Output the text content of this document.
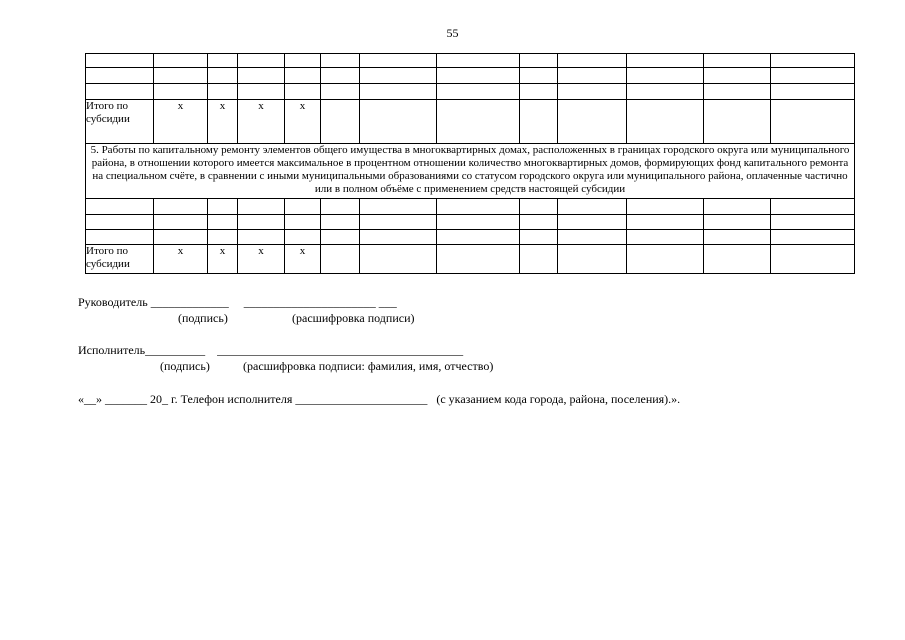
55

Итого по субсидии	x	x	x	x								
5. Работы по капитальному ремонту элементов общего имущества в многоквартирных домах, расположенных в границах городского округа или муниципального района, в отношении которого имеется максимальное в процентном отношении количество многоквартирных домов, формирующих фонд капитального ремонта на специальном счёте, в сравнении с иными муниципальными образованиями со статусом городского округа или муниципального района, оплаченные частично или в полном объёме с применением средств настоящей субсидии												

Итого по субсидии	x	x	x	x								
Руководитель _____________     ______________________ ___
(подпись)	(расшифровка подписи)
Исполнитель__________    _________________________________________
(подпись)	(расшифровка подписи: фамилия, имя, отчество)
«__» _______ 20_ г. Телефон исполнителя ______________________   (с указанием кода города, района, поселения).».
